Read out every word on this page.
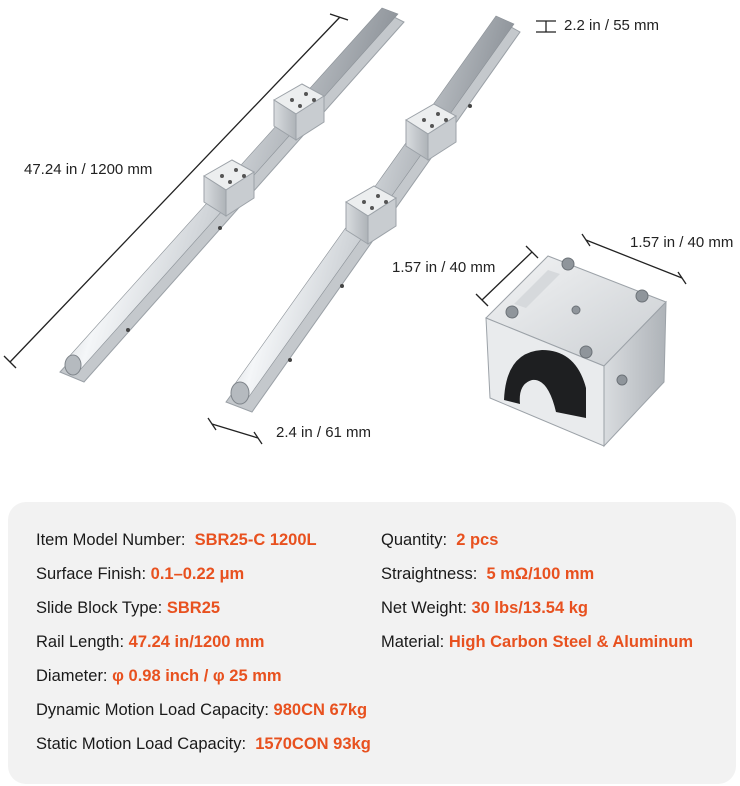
47.24 in / 1200 mm
2.2 in / 55 mm
2.4 in / 61 mm
1.57 in / 40 mm
1.57 in / 40 mm
Item Model Number: SBR25-C 1200L
Surface Finish: 0.1–0.22 μm
Slide Block Type: SBR25
Rail Length: 47.24 in/1200 mm
Diameter: φ 0.98 inch / φ 25 mm
Dynamic Motion Load Capacity: 980CN 67kg
Static Motion Load Capacity: 1570CON 93kg
Quantity: 2 pcs
Straightness: 5 mΩ/100 mm
Net Weight: 30 lbs/13.54 kg
Material: High Carbon Steel & Aluminum
